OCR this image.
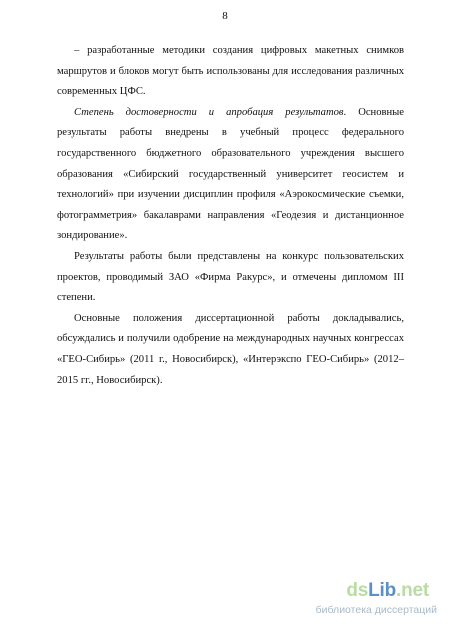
8

– разработанные методики создания цифровых макетных снимков маршрутов и блоков могут быть использованы для исследования различных современных ЦФС.

Степень достоверности и апробация результатов. Основные результаты работы внедрены в учебный процесс федерального государственного бюджетного образовательного учреждения высшего образования «Сибирский государственный университет геосистем и технологий» при изучении дисциплин профиля «Аэрокосмические съемки, фотограмметрия» бакалаврами направления «Геодезия и дистанционное зондирование».

Результаты работы были представлены на конкурс пользовательских проектов, проводимый ЗАО «Фирма Ракурс», и отмечены дипломом III степени.

Основные положения диссертационной работы докладывались, обсуждались и получили одобрение на международных научных конгрессах «ГЕО-Сибирь» (2011 г., Новосибирск), «Интерэкспо ГЕО-Сибирь» (2012–2015 гг., Новосибирск).

dsLib.net
библиотека диссертаций
